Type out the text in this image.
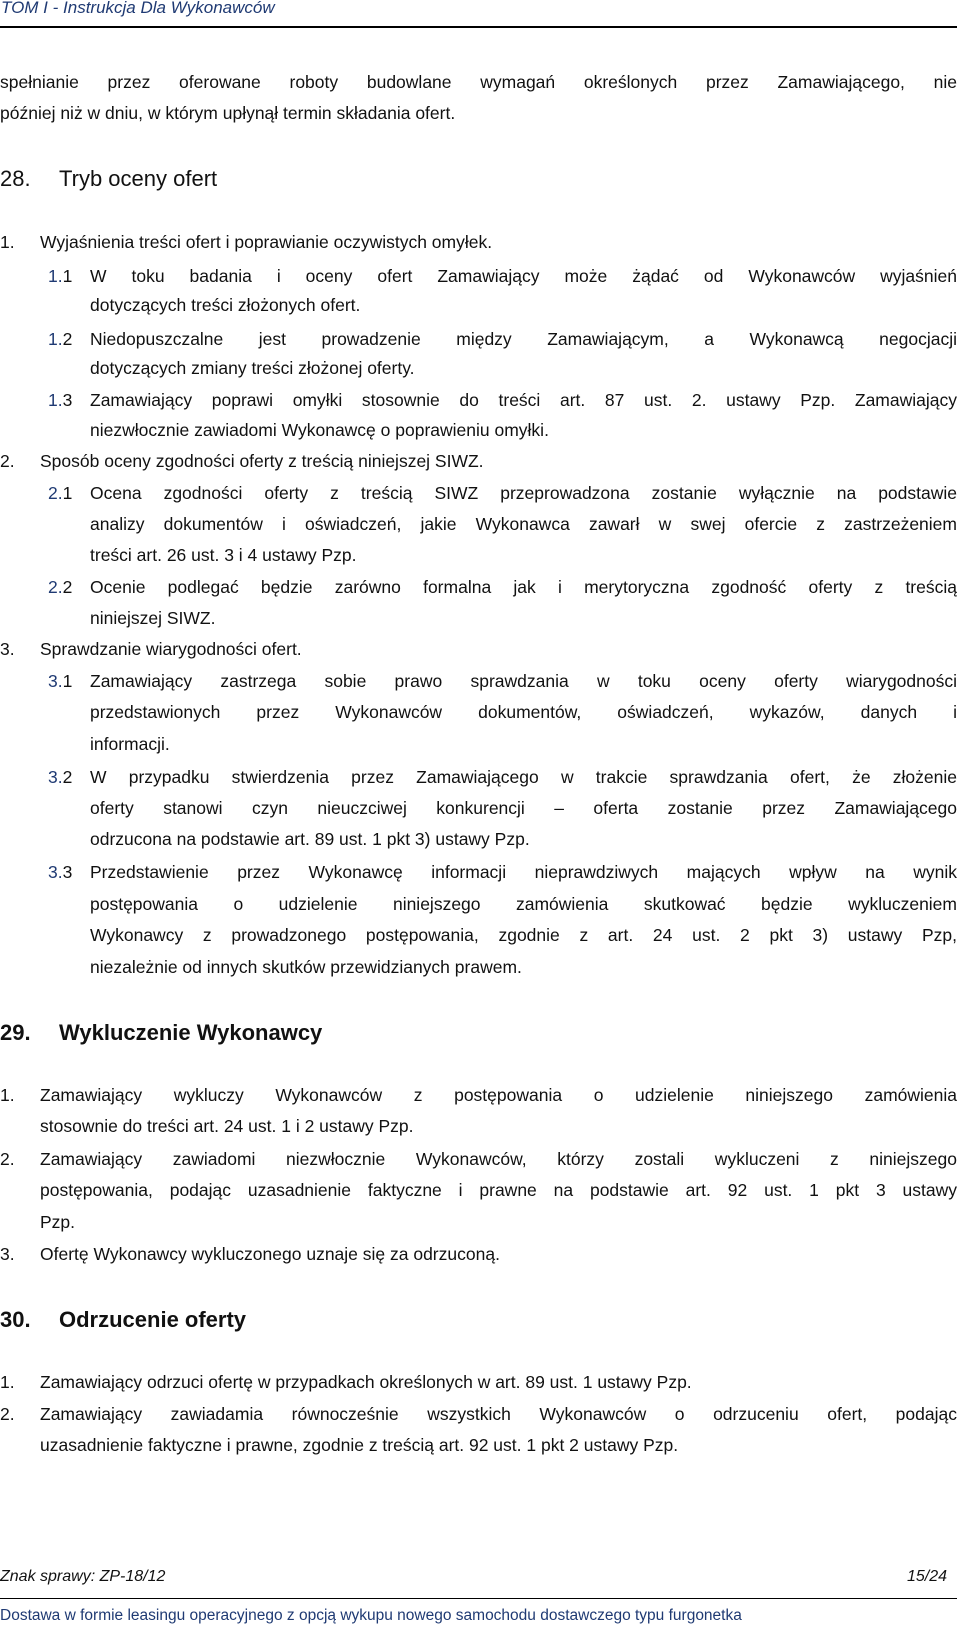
TOM I - Instrukcja Dla Wykonawców
spełnianie przez oferowane roboty budowlane wymagań określonych przez Zamawiającego, nie
później niż w dniu, w którym upłynął termin składania ofert.
28. Tryb oceny ofert
1. Wyjaśnienia treści ofert i poprawianie oczywistych omyłek.
1.1 W toku badania i oceny ofert Zamawiający może żądać od Wykonawców wyjaśnień
dotyczących treści złożonych ofert.
1.2 Niedopuszczalne jest prowadzenie między Zamawiającym, a Wykonawcą negocjacji
dotyczących zmiany treści złożonej oferty.
1.3 Zamawiający poprawi omyłki stosownie do treści art. 87 ust. 2. ustawy Pzp. Zamawiający
niezwłocznie zawiadomi Wykonawcę o poprawieniu omyłki.
2. Sposób oceny zgodności oferty z treścią niniejszej SIWZ.
2.1 Ocena zgodności oferty z treścią SIWZ przeprowadzona zostanie wyłącznie na podstawie
analizy dokumentów i oświadczeń, jakie Wykonawca zawarł w swej ofercie z zastrzeżeniem
treści art. 26 ust. 3 i 4 ustawy Pzp.
2.2 Ocenie podlegać będzie zarówno formalna jak i merytoryczna zgodność oferty z treścią
niniejszej SIWZ.
3. Sprawdzanie wiarygodności ofert.
3.1 Zamawiający zastrzega sobie prawo sprawdzania w toku oceny oferty wiarygodności
przedstawionych przez Wykonawców dokumentów, oświadczeń, wykazów, danych i
informacji.
3.2 W przypadku stwierdzenia przez Zamawiającego w trakcie sprawdzania ofert, że złożenie
oferty stanowi czyn nieuczciwej konkurencji – oferta zostanie przez Zamawiającego
odrzucona na podstawie art. 89 ust. 1 pkt 3) ustawy Pzp.
3.3 Przedstawienie przez Wykonawcę informacji nieprawdziwych mających wpływ na wynik
postępowania o udzielenie niniejszego zamówienia skutkować będzie wykluczeniem
Wykonawcy z prowadzonego postępowania, zgodnie z art. 24 ust. 2 pkt 3) ustawy Pzp,
niezależnie od innych skutków przewidzianych prawem.
29. Wykluczenie Wykonawcy
1. Zamawiający wykluczy Wykonawców z postępowania o udzielenie niniejszego zamówienia
stosownie do treści art. 24 ust. 1 i 2 ustawy Pzp.
2. Zamawiający zawiadomi niezwłocznie Wykonawców, którzy zostali wykluczeni z niniejszego
postępowania, podając uzasadnienie faktyczne i prawne na podstawie art. 92 ust. 1 pkt 3 ustawy
Pzp.
3. Ofertę Wykonawcy wykluczonego uznaje się za odrzuconą.
30. Odrzucenie oferty
1. Zamawiający odrzuci ofertę w przypadkach określonych w art. 89 ust. 1 ustawy Pzp.
2. Zamawiający zawiadamia równocześnie wszystkich Wykonawców o odrzuceniu ofert, podając
uzasadnienie faktyczne i prawne, zgodnie z treścią art. 92 ust. 1 pkt 2 ustawy Pzp.
Znak sprawy: ZP-18/12	15/24
Dostawa w formie leasingu operacyjnego z opcją wykupu nowego samochodu dostawczego typu furgonetka
